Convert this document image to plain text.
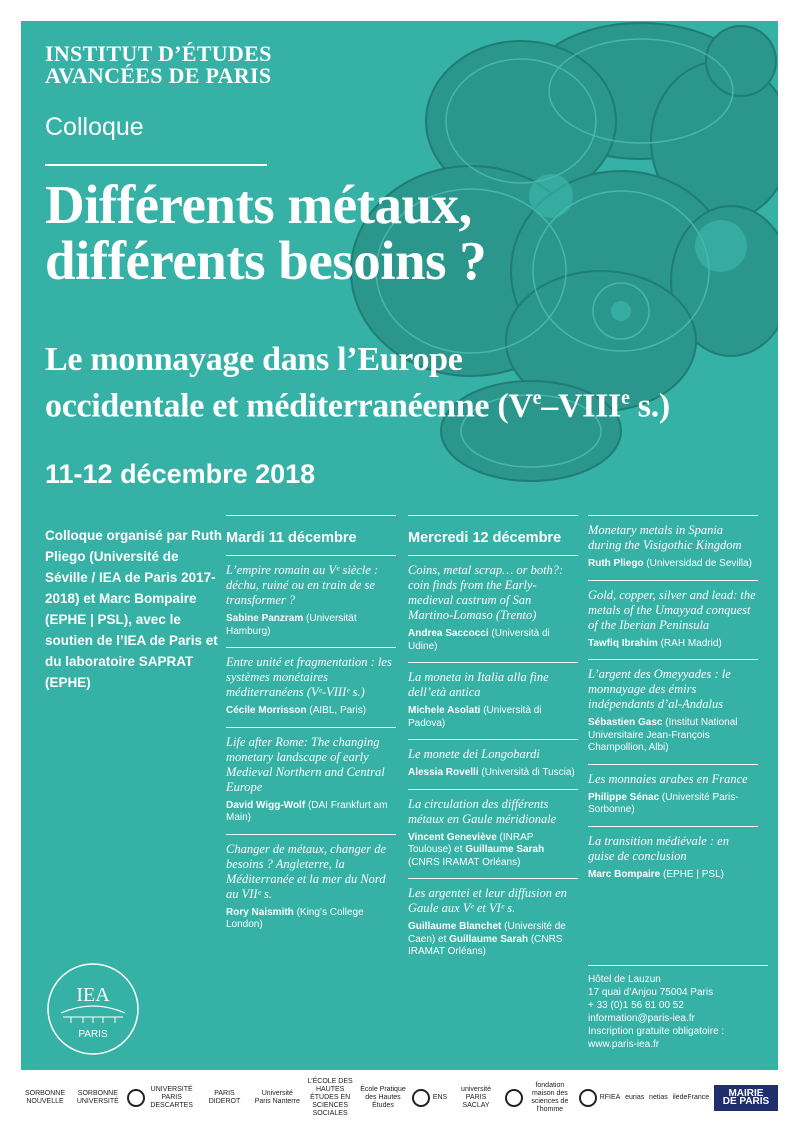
INSTITUT D’ÉTUDES
AVANCÉES DE PARIS
Colloque
Différents métaux,
différents besoins ?
Le monnayage dans l’Europe
occidentale et méditerranéenne (Ve–VIIIe s.)
11-12 décembre 2018
Colloque organisé par Ruth Pliego (Université de Séville / IEA de Paris 2017-2018) et Marc Bompaire (EPHE | PSL), avec le soutien de l’IEA de Paris et du laboratoire SAPRAT (EPHE)
Mardi 11 décembre
L’empire romain au Vᵉ siècle : déchu, ruiné ou en train de se transformer ?
Sabine Panzram (Universität Hamburg)
Entre unité et fragmentation : les systèmes monétaires méditerranéens (Vᵉ-VIIIᵉ s.)
Cécile Morrisson (AIBL, Paris)
Life after Rome: The changing monetary landscape of early Medieval Northern and Central Europe
David Wigg-Wolf (DAI Frankfurt am Main)
Changer de métaux, changer de besoins ? Angleterre, la Méditerranée et la mer du Nord au VIIᵉ s.
Rory Naismith (King’s College London)
Mercredi 12 décembre
Coins, metal scrap… or both?: coin finds from the Early-medieval castrum of San Martino-Lomaso (Trento)
Andrea Saccocci (Università di Udine)
La moneta in Italia alla fine dell’età antica
Michele Asolati (Università di Padova)
Le monete dei Longobardi
Alessia Rovelli (Università di Tuscia)
La circulation des différents métaux en Gaule méridionale
Vincent Geneviève (INRAP Toulouse) et Guillaume Sarah (CNRS IRAMAT Orléans)
Les argentei et leur diffusion en Gaule aux Vᵉ et VIᵉ s.
Guillaume Blanchet (Université de Caen) et Guillaume Sarah (CNRS IRAMAT Orléans)
Monetary metals in Spania during the Visigothic Kingdom
Ruth Pliego (Universidad de Sevilla)
Gold, copper, silver and lead: the metals of the Umayyad conquest of the Iberian Peninsula
Tawfiq Ibrahim (RAH Madrid)
L’argent des Omeyyades : le monnayage des émirs indépendants d’al-Andalus
Sébastien Gasc (Institut National Universitaire Jean-François Champollion, Albi)
Les monnaies arabes en France
Philippe Sénac (Université Paris-Sorbonne)
La transition médiévale : en guise de conclusion
Marc Bompaire (EPHE | PSL)
Hôtel de Lauzun
17 quai d’Anjou 75004 Paris
+ 33 (0)1 56 81 00 52
information@paris-iea.fr
Inscription gratuite obligatoire :
www.paris-iea.fr
IEA
PARIS
SORBONNE NOUVELLE
SORBONNE UNIVERSITÉ
UNIVERSITÉ PARIS DESCARTES
PARIS DIDEROT
Université Paris Nanterre
L’ÉCOLE DES HAUTES ÉTUDES EN SCIENCES SOCIALES
École Pratique des Hautes Études
ENS
université PARIS SACLAY
fondation maison des sciences de l’homme
RFIEA eurias netias iledeFrance	MAIRIE DE PARIS
